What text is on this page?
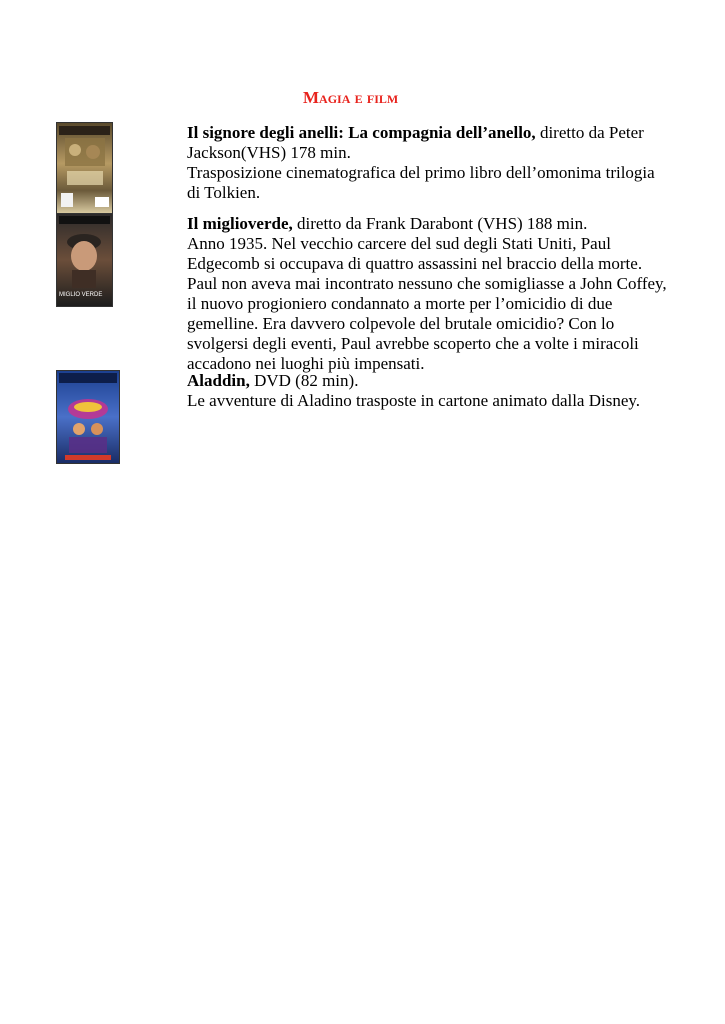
Magia e film
MIGLIO VERDE

Il signore degli anelli: La compagnia dell’anello, diretto da Peter

Jackson(VHS) 178 min.

Trasposizione cinematografica del primo libro dell’omonima trilogia

di Tolkien.

Il miglioverde, diretto da Frank Darabont (VHS) 188 min.

Anno 1935. Nel vecchio carcere del sud degli Stati Uniti, Paul

Edgecomb si occupava di quattro assassini nel braccio della morte.

Paul non aveva mai incontrato nessuno che somigliasse a John Coffey,

il nuovo progioniero condannato a morte per l’omicidio di due

gemelline. Era davvero colpevole del brutale omicidio? Con lo

svolgersi degli eventi, Paul avrebbe scoperto che a volte i miracoli

accadono nei luoghi più impensati.

Aladdin, DVD (82 min).

Le avventure di Aladino trasposte in cartone animato dalla Disney.
